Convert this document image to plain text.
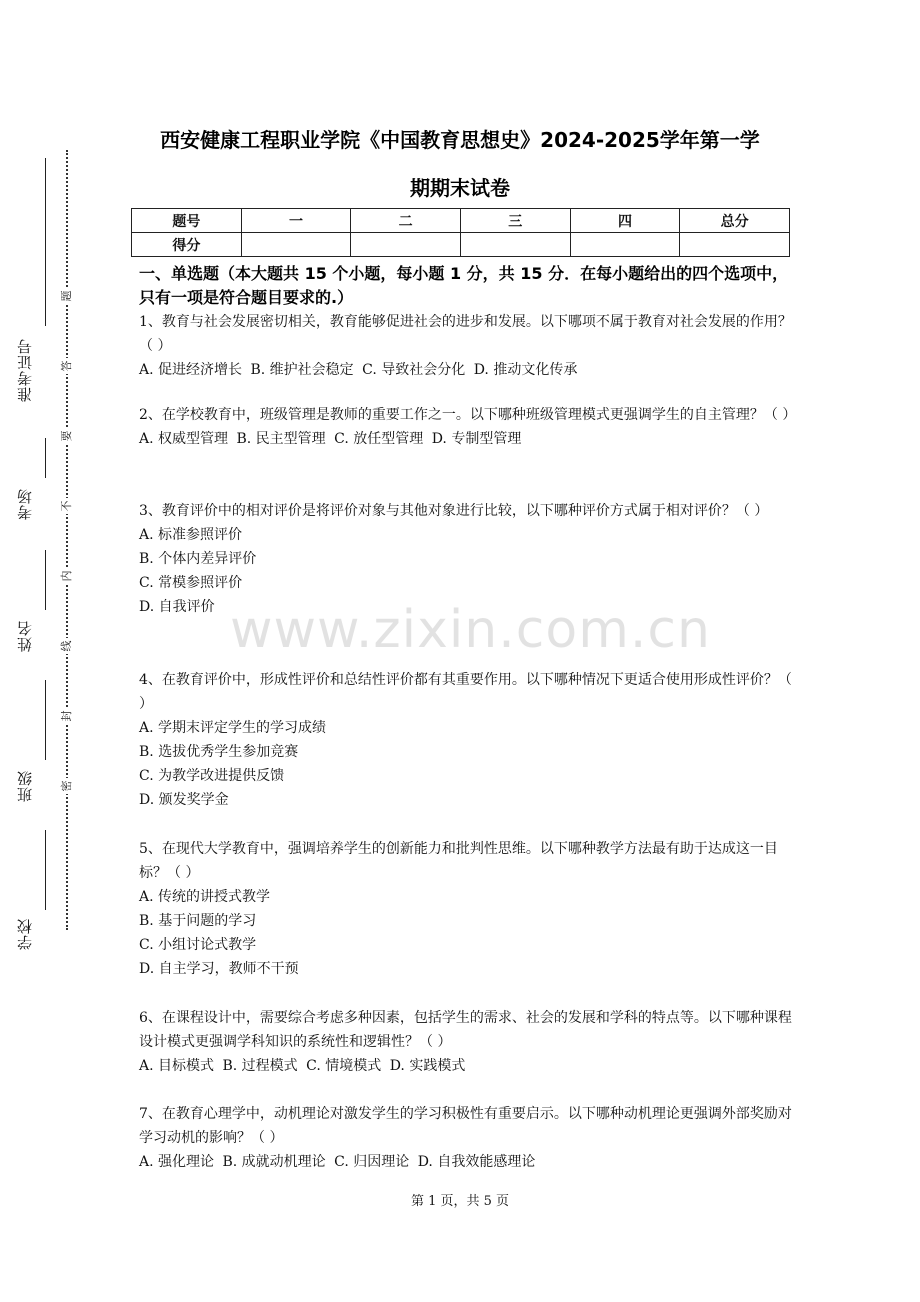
准考证号
考场
姓名
班级
学校
题
答
要
不
内
线
封
密
西安健康工程职业学院《中国教育思想史》2024-2025学年第一学
期期末试卷
题号	一	二	三	四	总分
得分					
一、单选题（本大题共 15 个小题，每小题 1 分，共 15 分．在每小题给出的四个选项中，只有一项是符合题目要求的.）

1、教育与社会发展密切相关，教育能够促进社会的进步和发展。以下哪项不属于教育对社会发展的作用？（ ）

A. 促进经济增长 B. 维护社会稳定 C. 导致社会分化 D. 推动文化传承

2、在学校教育中，班级管理是教师的重要工作之一。以下哪种班级管理模式更强调学生的自主管理？（ ）

A. 权威型管理 B. 民主型管理 C. 放任型管理 D. 专制型管理

3、教育评价中的相对评价是将评价对象与其他对象进行比较，以下哪种评价方式属于相对评价？（ ）

A. 标准参照评价

B. 个体内差异评价

C. 常模参照评价

D. 自我评价

4、在教育评价中，形成性评价和总结性评价都有其重要作用。以下哪种情况下更适合使用形成性评价？（ ）

A. 学期末评定学生的学习成绩

B. 选拔优秀学生参加竞赛

C. 为教学改进提供反馈

D. 颁发奖学金

5、在现代大学教育中，强调培养学生的创新能力和批判性思维。以下哪种教学方法最有助于达成这一目标？（ ）

A. 传统的讲授式教学

B. 基于问题的学习

C. 小组讨论式教学

D. 自主学习，教师不干预

6、在课程设计中，需要综合考虑多种因素，包括学生的需求、社会的发展和学科的特点等。以下哪种课程设计模式更强调学科知识的系统性和逻辑性？（ ）

A. 目标模式 B. 过程模式 C. 情境模式 D. 实践模式

7、在教育心理学中，动机理论对激发学生的学习积极性有重要启示。以下哪种动机理论更强调外部奖励对学习动机的影响？（ ）

A. 强化理论 B. 成就动机理论 C. 归因理论 D. 自我效能感理论

www.zixin.com.cn
第 1 页，共 5 页
